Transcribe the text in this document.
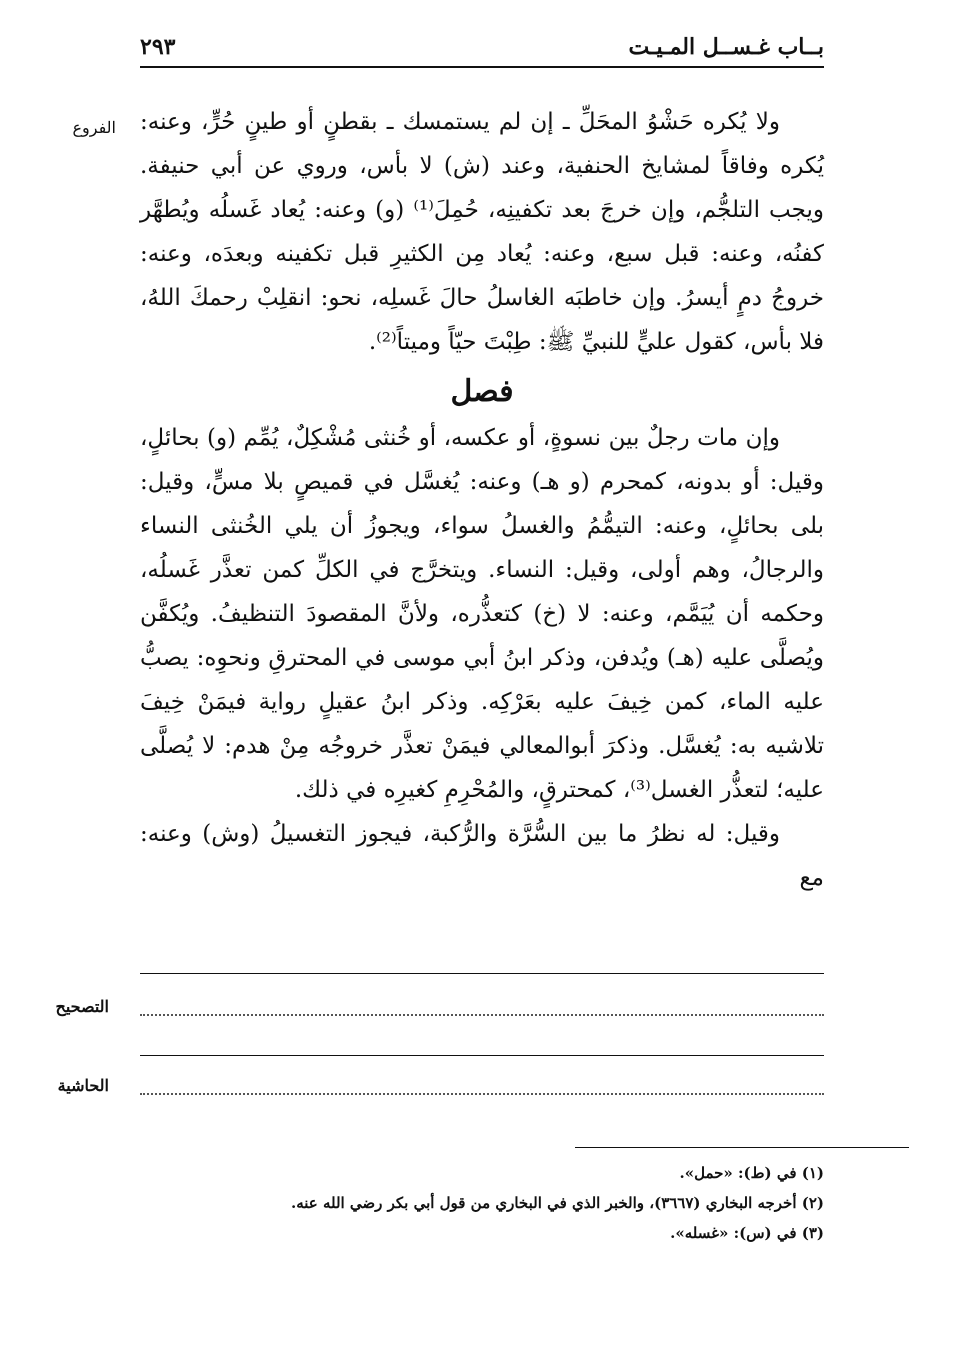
بــاب غـســل المـيـت
٢٩٣
الفروع ولا يُكره حَشْوُ المحَلِّ ـ إن لم يستمسك ـ بقطنٍ أو طينٍ حُرٍّ، وعنه: يُكره وفاقاً لمشايخ الحنفية، وعند (ش) لا بأس، وروي عن أبي حنيفة. ويجب التلجُّم، وإن خرجَ بعد تكفينِه، حُمِلَ⁽¹⁾ (و) وعنه: يُعاد غَسلُه ويُطهَّر كفنُه، وعنه: قبل سبع، وعنه: يُعاد مِن الكثيرِ قبل تكفينه وبعدَه، وعنه: خروجُ دمٍ أيسرُ. وإن خاطبَه الغاسلُ حالَ غَسلِه، نحو: انقلِبْ رحمكَ اللهُ، فلا بأس، كقول عليٍّ للنبيِّ ﷺ: طِبْتَ حيّاً وميتاً⁽²⁾.

فصل

وإن مات رجلٌ بين نسوةٍ، أو عكسه، أو خُنثى مُشْكِلٌ، يُمِّم (و) بحائلٍ، وقيل: أو بدونه، كمحرم (و هـ) وعنه: يُغسَّل في قميصٍ بلا مسٍّ، وقيل: بلى بحائلٍ، وعنه: التيمُّمُ والغسلُ سواء، ويجوزُ أن يلي الخُنثى النساء والرجالُ، وهم أولى، وقيل: النساء. ويتخرَّج في الكلِّ كمن تعذَّر غَسلُه، وحكمه أن يُيَمَّم، وعنه: لا (خ) كتعذُّره، ولأنَّ المقصودَ التنظيفُ. ويُكفَّن ويُصلَّى عليه (هـ) ويُدفن، وذكر ابنُ أبي موسى في المحترقِ ونحوِه: يصبُّ عليه الماء، كمن خِيفَ عليه بعَرْكِه. وذكر ابنُ عقيلٍ رواية فيمَنْ خِيفَ تلاشيه به: يُغسَّل. وذكرَ أبوالمعالي فيمَنْ تعذَّر خروجُه مِنْ هدم: لا يُصلَّى عليه؛ لتعذُّر الغسل⁽³⁾، كمحترقٍ، والمُحْرِمِ كغيرِه في ذلك.

وقيل: له نظرُ ما بين السُّرَّة والرُّكبة، فيجوز التغسيلُ (وش) وعنه: مع

التصحيح
الحاشية

(١) في (ط): «حمل».

(٢) أخرجه البخاري (٣٦٦٧)، والخبر الذي في البخاري من قول أبي بكر رضي الله عنه.

(٣) في (س): «غسله».
